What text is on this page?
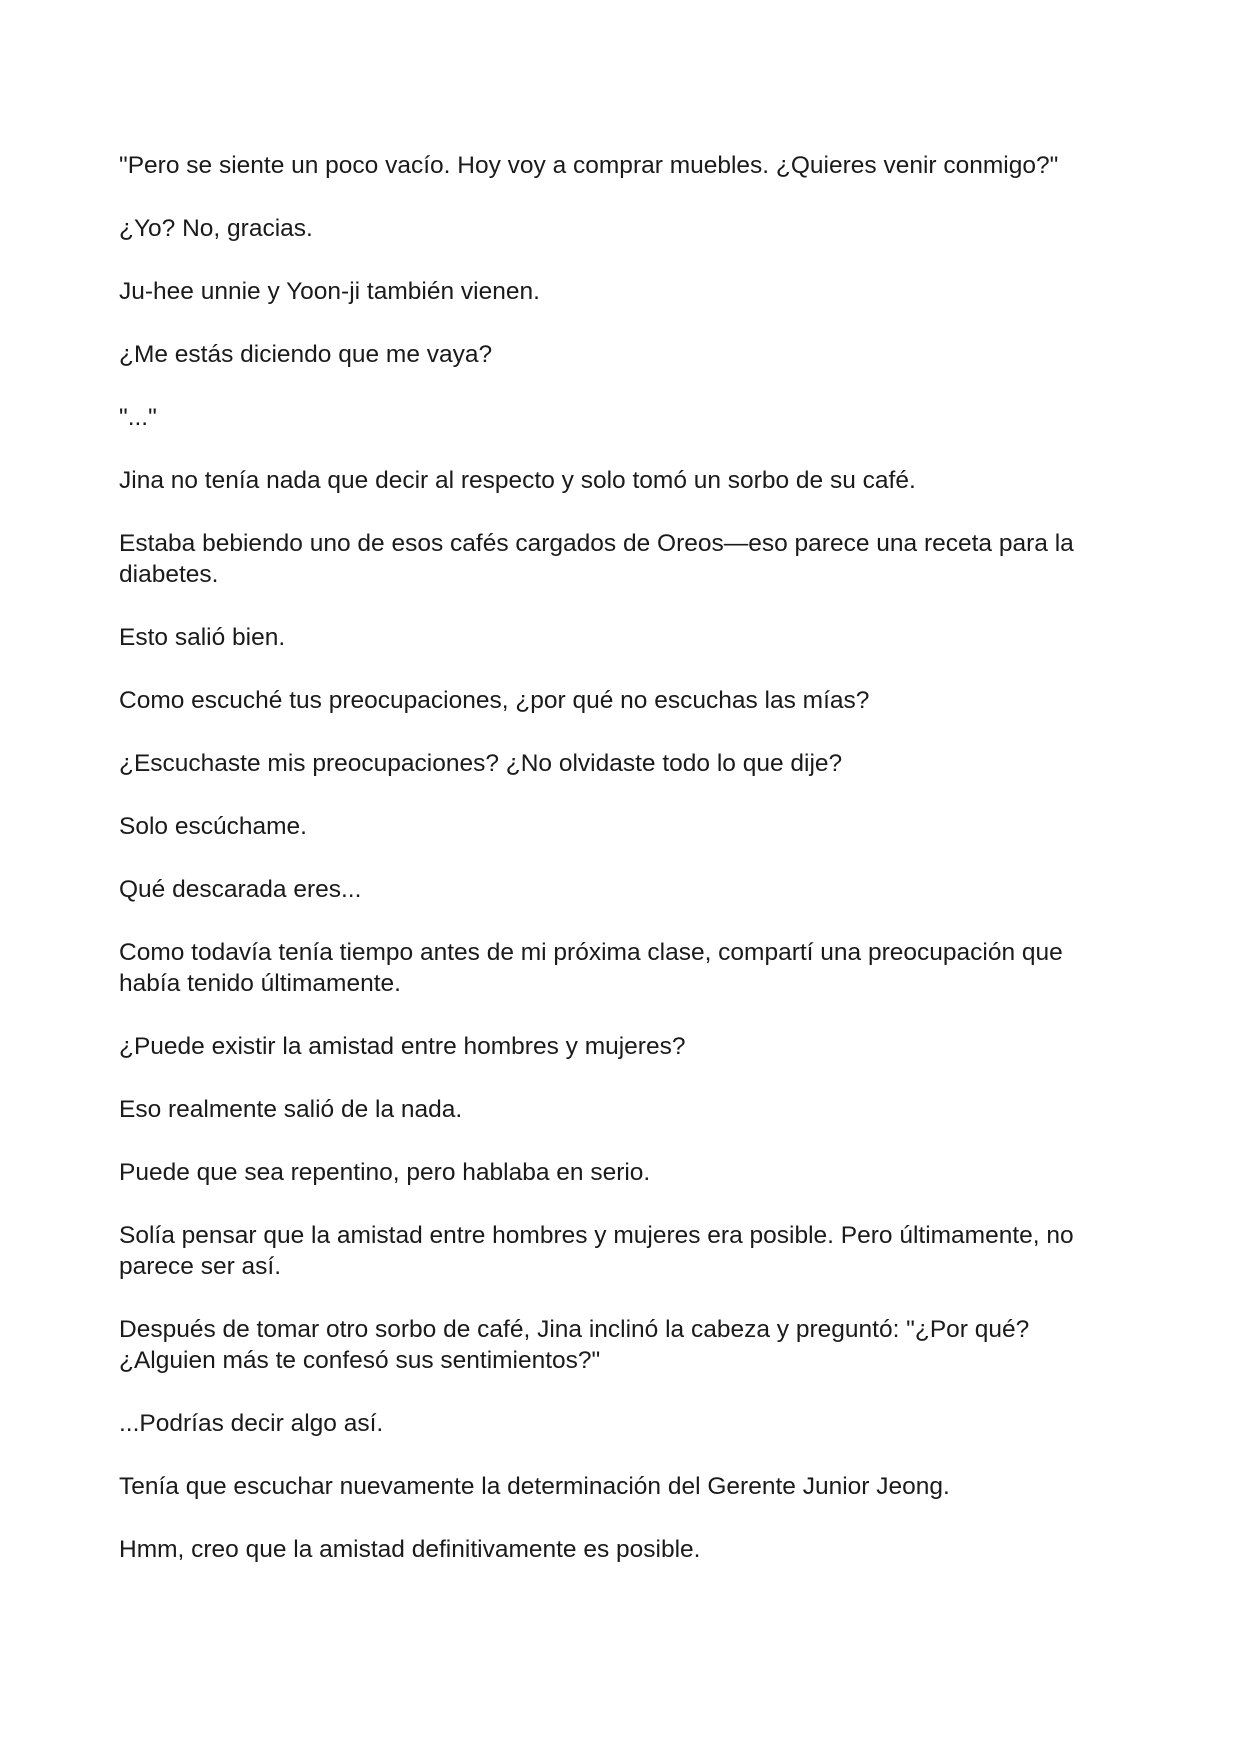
"Pero se siente un poco vacío. Hoy voy a comprar muebles. ¿Quieres venir conmigo?"

¿Yo? No, gracias.

Ju-hee unnie y Yoon-ji también vienen.

¿Me estás diciendo que me vaya?

"..."

Jina no tenía nada que decir al respecto y solo tomó un sorbo de su café.

Estaba bebiendo uno de esos cafés cargados de Oreos—eso parece una receta para la diabetes.

Esto salió bien.

Como escuché tus preocupaciones, ¿por qué no escuchas las mías?

¿Escuchaste mis preocupaciones? ¿No olvidaste todo lo que dije?

Solo escúchame.

Qué descarada eres...

Como todavía tenía tiempo antes de mi próxima clase, compartí una preocupación que había tenido últimamente.

¿Puede existir la amistad entre hombres y mujeres?

Eso realmente salió de la nada.

Puede que sea repentino, pero hablaba en serio.

Solía pensar que la amistad entre hombres y mujeres era posible. Pero últimamente, no parece ser así.

Después de tomar otro sorbo de café, Jina inclinó la cabeza y preguntó: "¿Por qué? ¿Alguien más te confesó sus sentimientos?"

...Podrías decir algo así.

Tenía que escuchar nuevamente la determinación del Gerente Junior Jeong.

Hmm, creo que la amistad definitivamente es posible.
